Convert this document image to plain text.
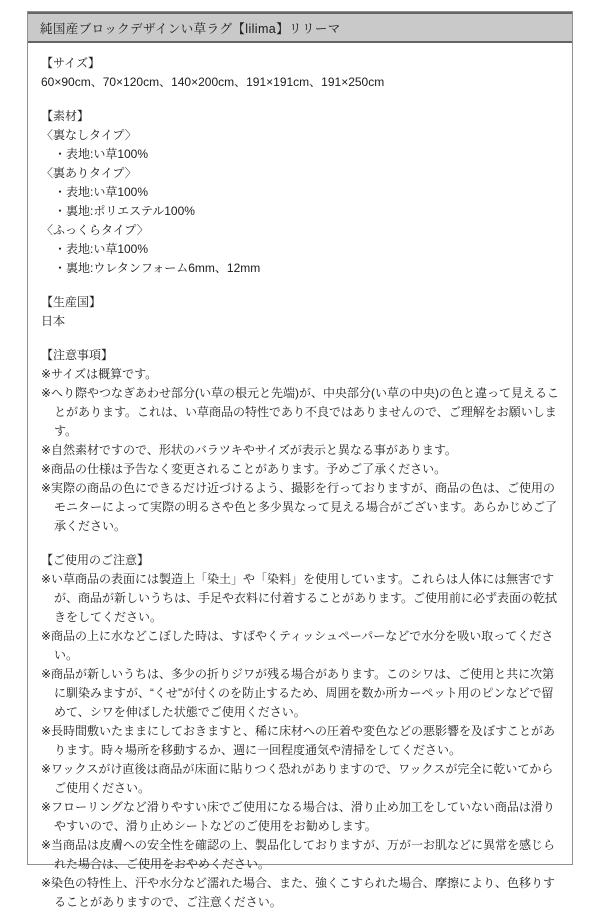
純国産ブロックデザインい草ラグ【lilima】リリーマ
【サイズ】
60×90cm、70×120cm、140×200cm、191×191cm、191×250cm
【素材】
〈裏なしタイプ〉
・表地:い草100%
〈裏ありタイプ〉
・表地:い草100%
・裏地:ポリエステル100%
〈ふっくらタイプ〉
・表地:い草100%
・裏地:ウレタンフォーム6mm、12mm
【生産国】
日本
【注意事項】
※サイズは概算です。
※へり際やつなぎあわせ部分(い草の根元と先端)が、中央部分(い草の中央)の色と違って見えることがあります。これは、い草商品の特性であり不良ではありませんので、ご理解をお願いします。
※自然素材ですので、形状のバラツキやサイズが表示と異なる事があります。
※商品の仕様は予告なく変更されることがあります。予めご了承ください。
※実際の商品の色にできるだけ近づけるよう、撮影を行っておりますが、商品の色は、ご使用のモニターによって実際の明るさや色と多少異なって見える場合がございます。あらかじめご了承ください。
【ご使用のご注意】
※い草商品の表面には製造上「染土」や「染料」を使用しています。これらは人体には無害ですが、商品が新しいうちは、手足や衣料に付着することがあります。ご使用前に必ず表面の乾拭きをしてください。
※商品の上に水などこぼした時は、すばやくティッシュペーパーなどで水分を吸い取ってください。
※商品が新しいうちは、多少の折りジワが残る場合があります。このシワは、ご使用と共に次第に馴染みますが、“くせ”が付くのを防止するため、周囲を数か所カーペット用のピンなどで留めて、シワを伸ばした状態でご使用ください。
※長時間敷いたままにしておきますと、稀に床材への圧着や変色などの悪影響を及ぼすことがあります。時々場所を移動するか、週に一回程度通気や清掃をしてください。
※ワックスがけ直後は商品が床面に貼りつく恐れがありますので、ワックスが完全に乾いてからご使用ください。
※フローリングなど滑りやすい床でご使用になる場合は、滑り止め加工をしていない商品は滑りやすいので、滑り止めシートなどのご使用をお勧めします。
※当商品は皮膚への安全性を確認の上、製品化しておりますが、万が一お肌などに異常を感じられた場合は、ご使用をおやめください。
※染色の特性上、汗や水分など濡れた場合、また、強くこすられた場合、摩擦により、色移りすることがありますので、ご注意ください。
